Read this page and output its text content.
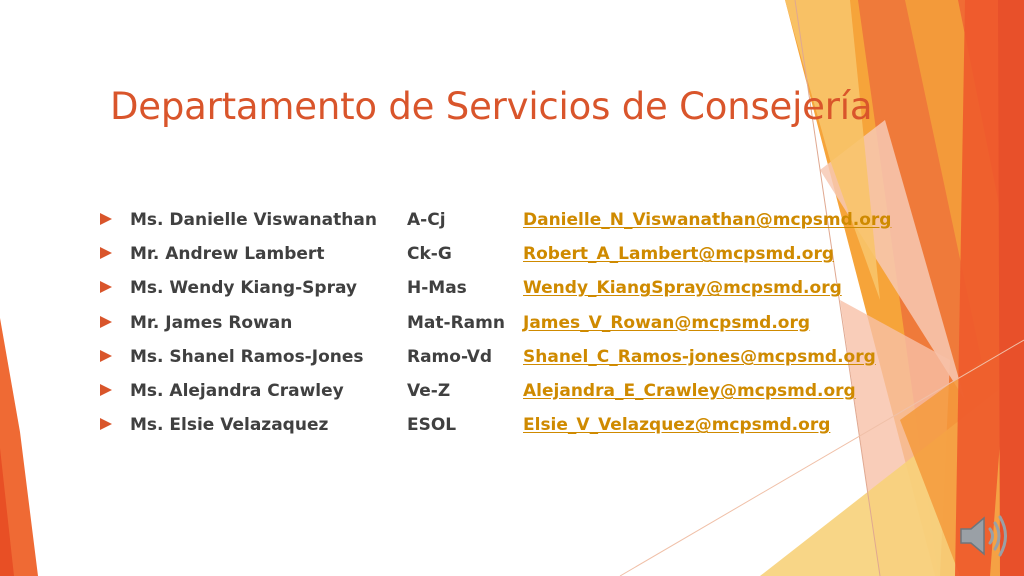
Departamento de Servicios de Consejería
Ms. Danielle Viswanathan A-Cj	Danielle_N_Viswanathan@mcpsmd.org
Mr. Andrew Lambert	Ck-G	Robert_A_Lambert@mcpsmd.org
Ms. Wendy Kiang-Spray	H-Mas	Wendy_KiangSpray@mcpsmd.org
Mr. James Rowan	Mat-Ramn James_V_Rowan@mcpsmd.org
Ms. Shanel Ramos-Jones	Ramo-Vd Shanel_C_Ramos-jones@mcpsmd.org
Ms. Alejandra Crawley	Ve-Z	Alejandra_E_Crawley@mcpsmd.org
Ms. Elsie Velazaquez	ESOL	Elsie_V_Velazquez@mcpsmd.org
